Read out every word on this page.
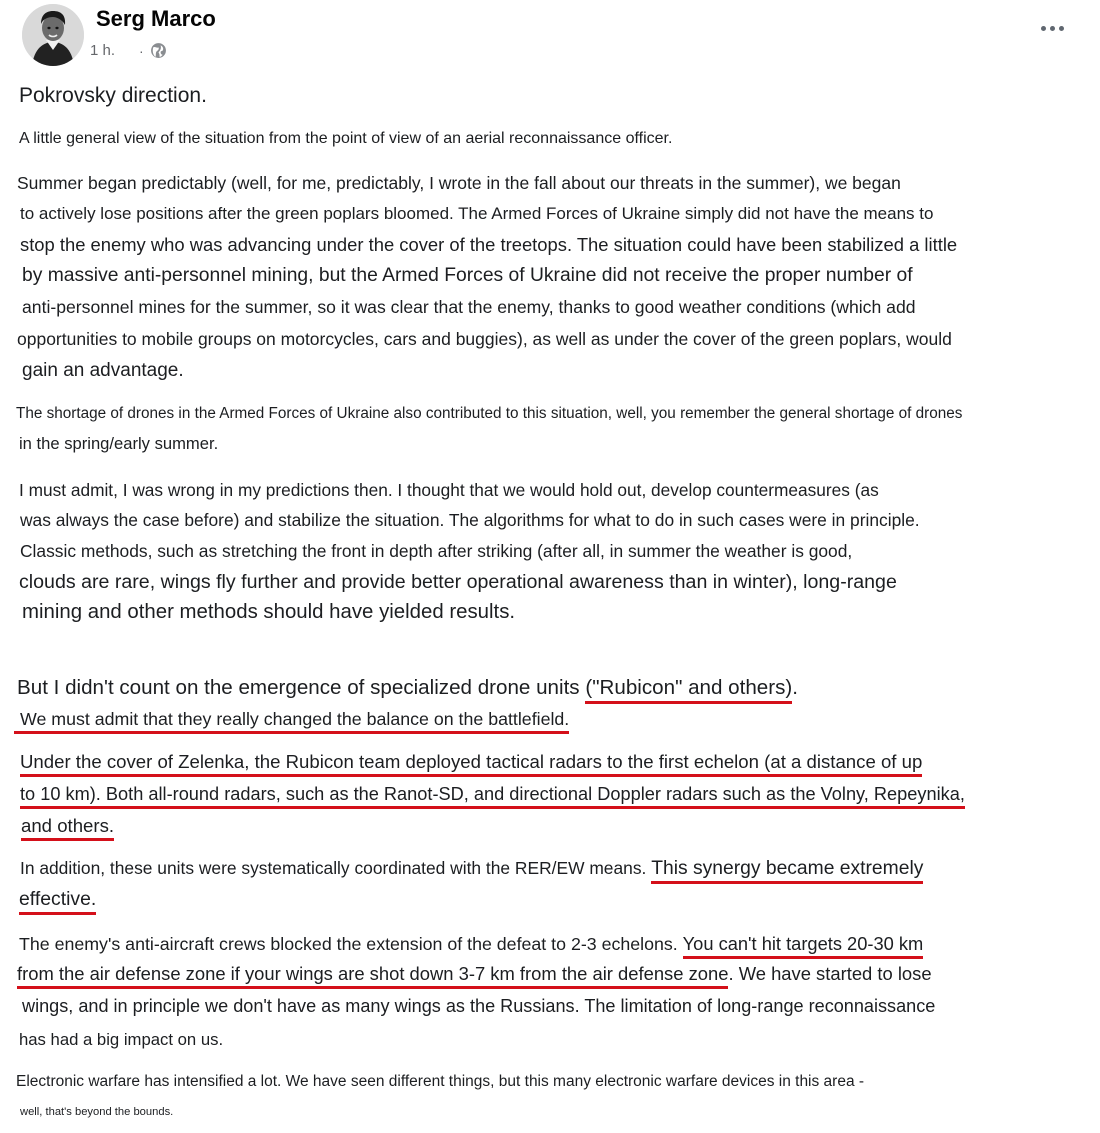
Serg Marco
1 h. ·
Pokrovsky direction.
A little general view of the situation from the point of view of an aerial reconnaissance officer.
Summer began predictably (well, for me, predictably, I wrote in the fall about our threats in the summer), we began
to actively lose positions after the green poplars bloomed. The Armed Forces of Ukraine simply did not have the means to
stop the enemy who was advancing under the cover of the treetops. The situation could have been stabilized a little
by massive anti-personnel mining, but the Armed Forces of Ukraine did not receive the proper number of
anti-personnel mines for the summer, so it was clear that the enemy, thanks to good weather conditions (which add
opportunities to mobile groups on motorcycles, cars and buggies), as well as under the cover of the green poplars, would
gain an advantage.
The shortage of drones in the Armed Forces of Ukraine also contributed to this situation, well, you remember the general shortage of drones
in the spring/early summer.
I must admit, I was wrong in my predictions then. I thought that we would hold out, develop countermeasures (as
was always the case before) and stabilize the situation. The algorithms for what to do in such cases were in principle.
Classic methods, such as stretching the front in depth after striking (after all, in summer the weather is good,
clouds are rare, wings fly further and provide better operational awareness than in winter), long-range
mining and other methods should have yielded results.
But I didn't count on the emergence of specialized drone units ("Rubicon" and others).
We must admit that they really changed the balance on the battlefield.
Under the cover of Zelenka, the Rubicon team deployed tactical radars to the first echelon (at a distance of up
to 10 km). Both all-round radars, such as the Ranot-SD, and directional Doppler radars such as the Volny, Repeynika,
and others.
In addition, these units were systematically coordinated with the RER/EW means. This synergy became extremely
effective.
The enemy's anti-aircraft crews blocked the extension of the defeat to 2-3 echelons. You can't hit targets 20-30 km
from the air defense zone if your wings are shot down 3-7 km from the air defense zone. We have started to lose
wings, and in principle we don't have as many wings as the Russians. The limitation of long-range reconnaissance
has had a big impact on us.
Electronic warfare has intensified a lot. We have seen different things, but this many electronic warfare devices in this area -
well, that's beyond the bounds.
